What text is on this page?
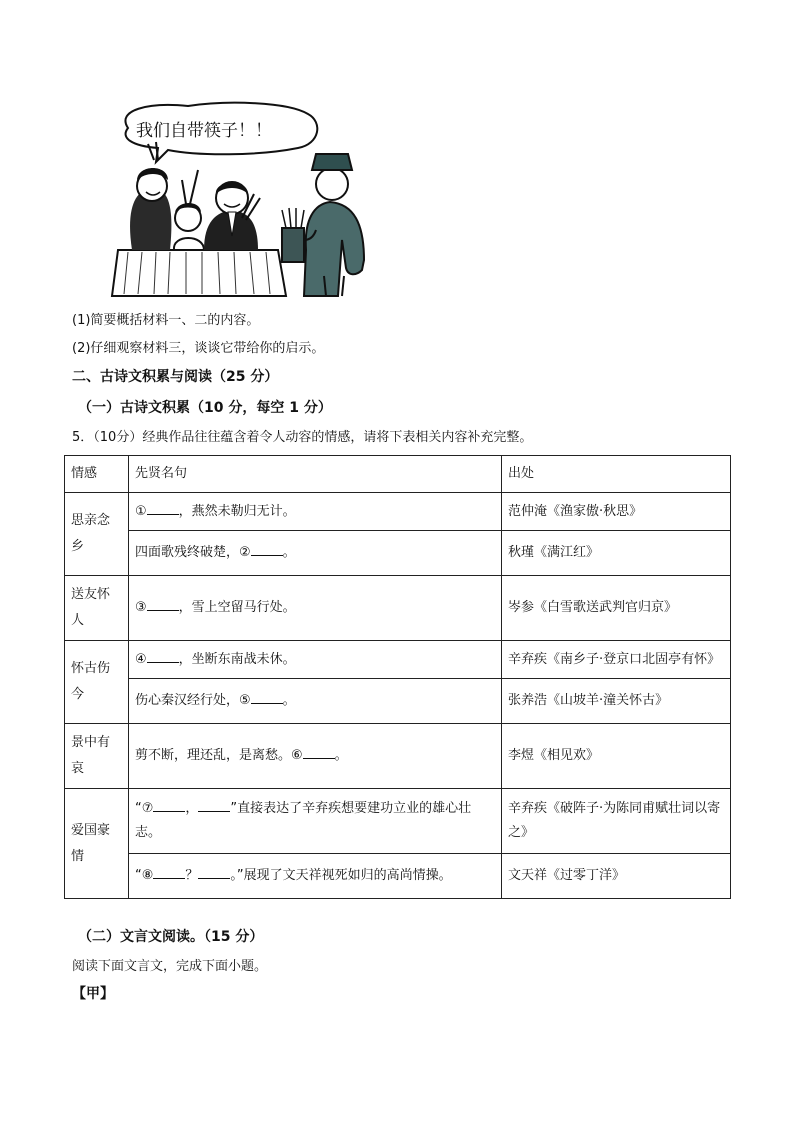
我们自带筷子！！
(1)简要概括材料一、二的内容。
(2)仔细观察材料三，谈谈它带给你的启示。
二、古诗文积累与阅读（25 分）
（一）古诗文积累（10 分，每空 1 分）
5．（10分）经典作品往往蕴含着令人动容的情感，请将下表相关内容补充完整。
情感	先贤名句	出处
思亲念乡	① ，燕然未勒归无计。	范仲淹《渔家傲·秋思》
	四面歌残终破楚，② 。	秋瑾《满江红》
送友怀人	③ ，雪上空留马行处。	岑参《白雪歌送武判官归京》
怀古伤今	④ ，坐断东南战未休。	辛弃疾《南乡子·登京口北固亭有怀》
	伤心秦汉经行处，⑤ 。	张养浩《山坡羊·潼关怀古》
景中有哀	剪不断，理还乱，是离愁。⑥ 。	李煜《相见欢》
爱国豪情	“⑦ ， ”直接表达了辛弃疾想要建功立业的雄心壮志。	辛弃疾《破阵子·为陈同甫赋壮词以寄之》
	“⑧ ？ 。”展现了文天祥视死如归的高尚情操。	文天祥《过零丁洋》
（二）文言文阅读。（15 分）
阅读下面文言文，完成下面小题。
【甲】
